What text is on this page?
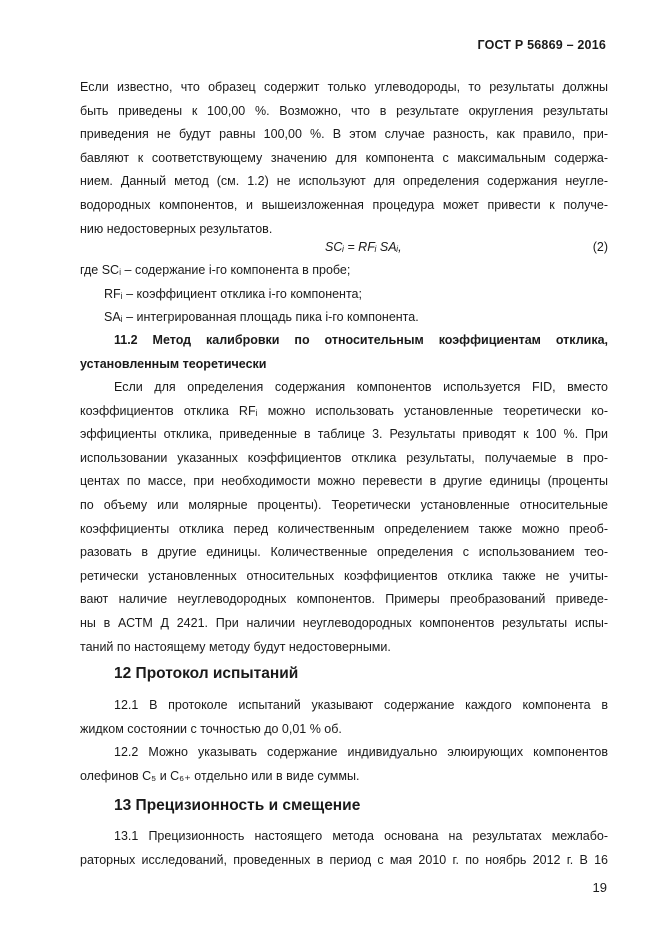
ГОСТ Р 56869 – 2016
Если известно, что образец содержит только углеводороды, то результаты должны
быть приведены к 100,00 %. Возможно, что в результате округления результаты
приведения не будут равны 100,00 %. В этом случае разность, как правило, при-
бавляют к соответствующему значению для компонента с максимальным содержа-
нием. Данный метод (см. 1.2) не используют для определения содержания неугле-
водородных компонентов, и вышеизложенная процедура может привести к получе-
нию недостоверных результатов.
SCᵢ = RFᵢ SAᵢ,	(2)
где SCᵢ – содержание i-го компонента в пробе;
RFᵢ – коэффициент отклика i-го компонента;
SAᵢ – интегрированная площадь пика i-го компонента.
11.2 Метод калибровки по относительным коэффициентам отклика,
установленным теоретически
Если для определения содержания компонентов используется FID, вместо
коэффициентов отклика RFᵢ можно использовать установленные теоретически ко-
эффициенты отклика, приведенные в таблице 3. Результаты приводят к 100 %. При
использовании указанных коэффициентов отклика результаты, получаемые в про-
центах по массе, при необходимости можно перевести в другие единицы (проценты
по объему или молярные проценты). Теоретически установленные относительные
коэффициенты отклика перед количественным определением также можно преоб-
разовать в другие единицы. Количественные определения с использованием тео-
ретически установленных относительных коэффициентов отклика также не учиты-
вают наличие неуглеводородных компонентов. Примеры преобразований приведе-
ны в АСТМ Д 2421. При наличии неуглеводородных компонентов результаты испы-
таний по настоящему методу будут недостоверными.
12 Протокол испытаний
12.1 В протоколе испытаний указывают содержание каждого компонента в
жидком состоянии с точностью до 0,01 % об.
12.2 Можно указывать содержание индивидуально элюирующих компонентов
олефинов C₅ и C₆₊ отдельно или в виде суммы.
13 Прецизионность и смещение
13.1 Прецизионность настоящего метода основана на результатах межлабо-
раторных исследований, проведенных в период с мая 2010 г. по ноябрь 2012 г. В 16
19
